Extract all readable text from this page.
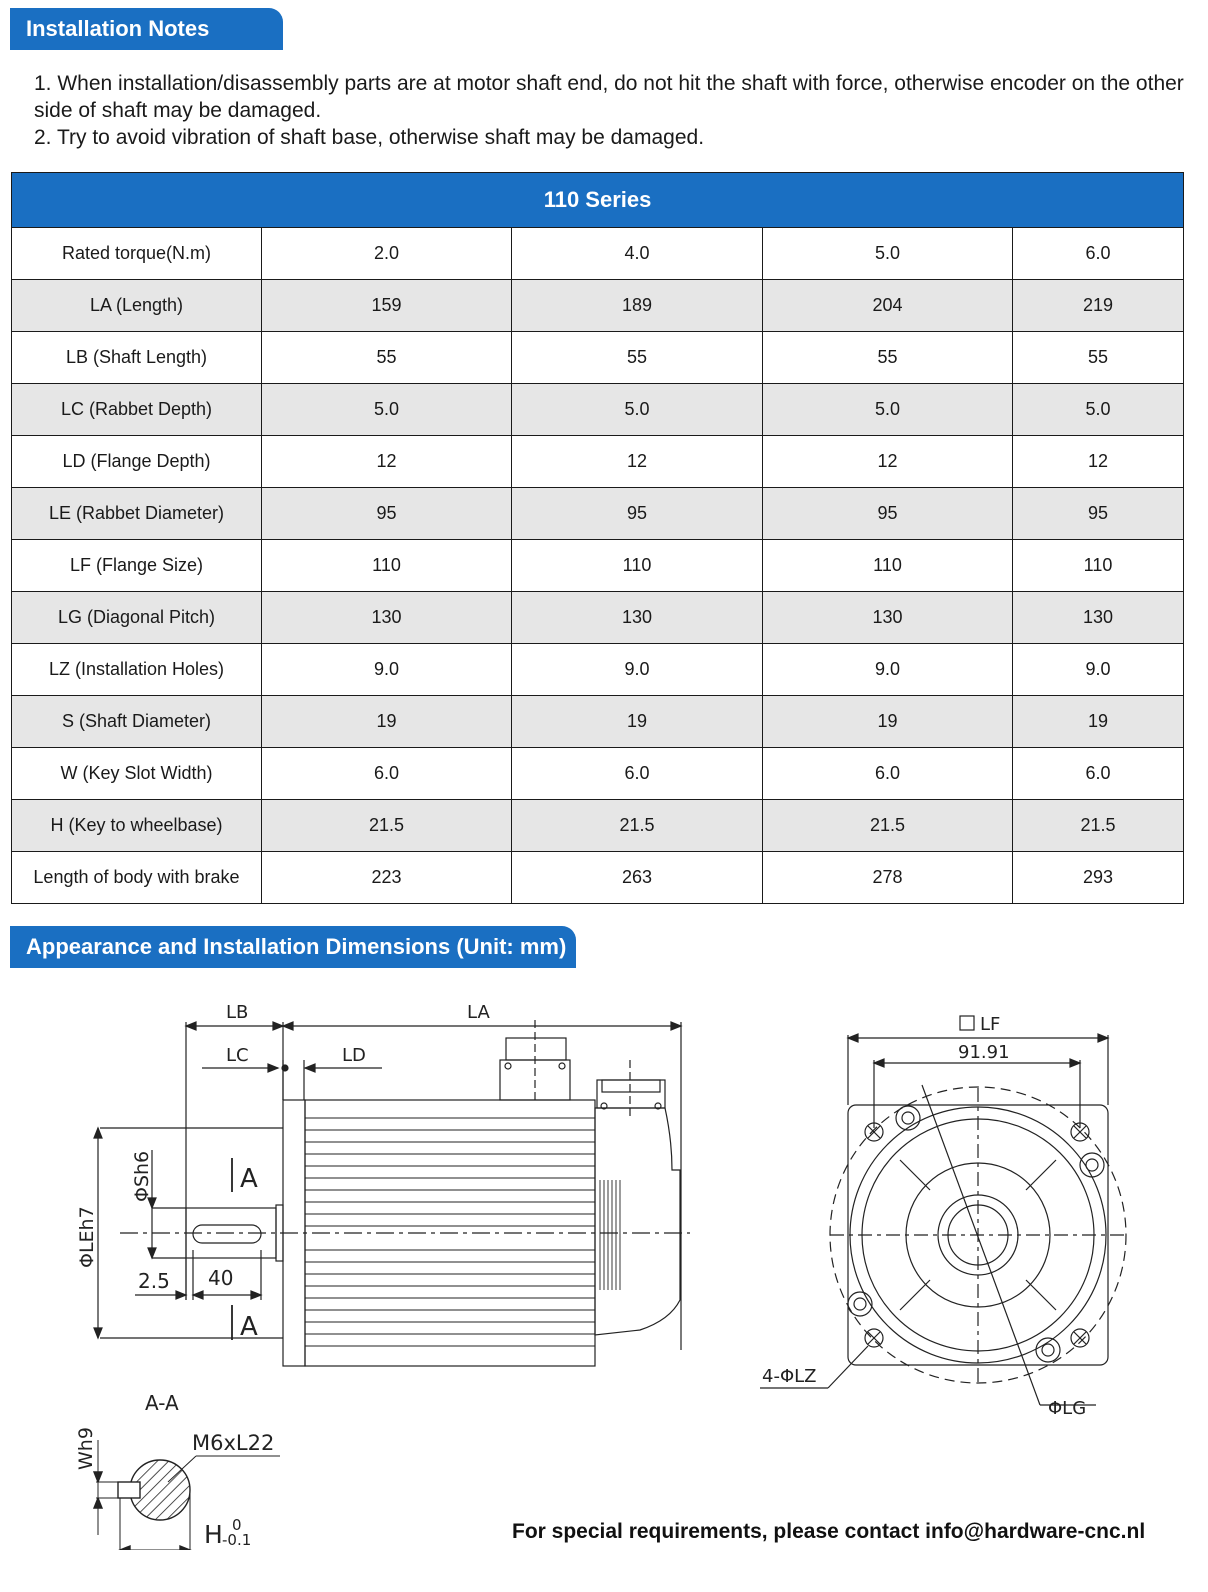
Installation Notes

1. When installation/disassembly parts are at motor shaft end, do not hit the shaft with force, otherwise encoder on the other side of shaft may be damaged.

2. Try to avoid vibration of shaft base, otherwise shaft may be damaged.

110 Series				
Rated torque(N.m)	2.0	4.0	5.0	6.0
LA (Length)	159	189	204	219
LB (Shaft Length)	55	55	55	55
LC (Rabbet Depth)	5.0	5.0	5.0	5.0
LD (Flange Depth)	12	12	12	12
LE (Rabbet Diameter)	95	95	95	95
LF (Flange Size)	110	110	110	110
LG (Diagonal Pitch)	130	130	130	130
LZ (Installation Holes)	9.0	9.0	9.0	9.0
S (Shaft Diameter)	19	19	19	19
W (Key Slot Width)	6.0	6.0	6.0	6.0
H (Key to wheelbase)	21.5	21.5	21.5	21.5
Length of body with brake	223	263	278	293
Appearance and Installation Dimensions (Unit: mm)
LB	LA
LC	LD
ΦSh6
ΦLEh7
A
A
2.5 40
A-A
Wh9	M6xL22
H 0
-0.1
LF
91.91
4-ΦLZ
ΦLG
For special requirements, please contact info@hardware-cnc.nl
